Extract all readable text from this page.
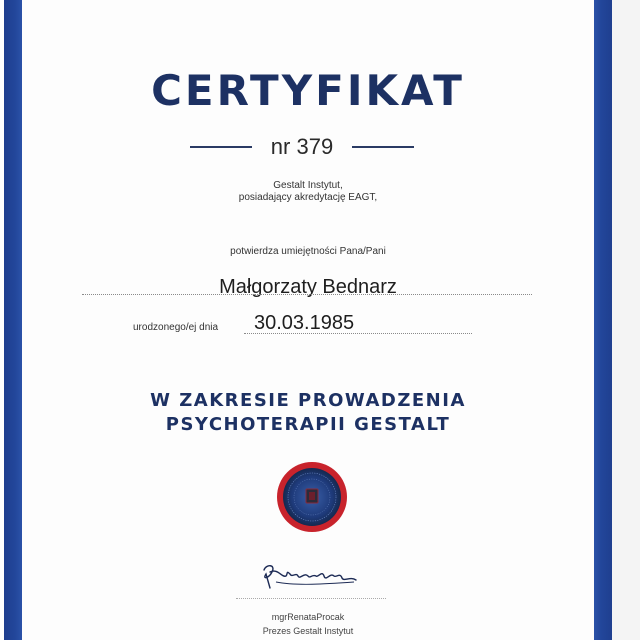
CERTYFIKAT
nr 379
Gestalt Instytut,
posiadający akredytację EAGT,
potwierdza umiejętności Pana/Pani
Małgorzaty Bednarz
urodzonego/ej dnia 30.03.1985
W ZAKRESIE PROWADZENIA
PSYCHOTERAPII GESTALT
mgrRenataProcak
Prezes Gestalt Instytut
